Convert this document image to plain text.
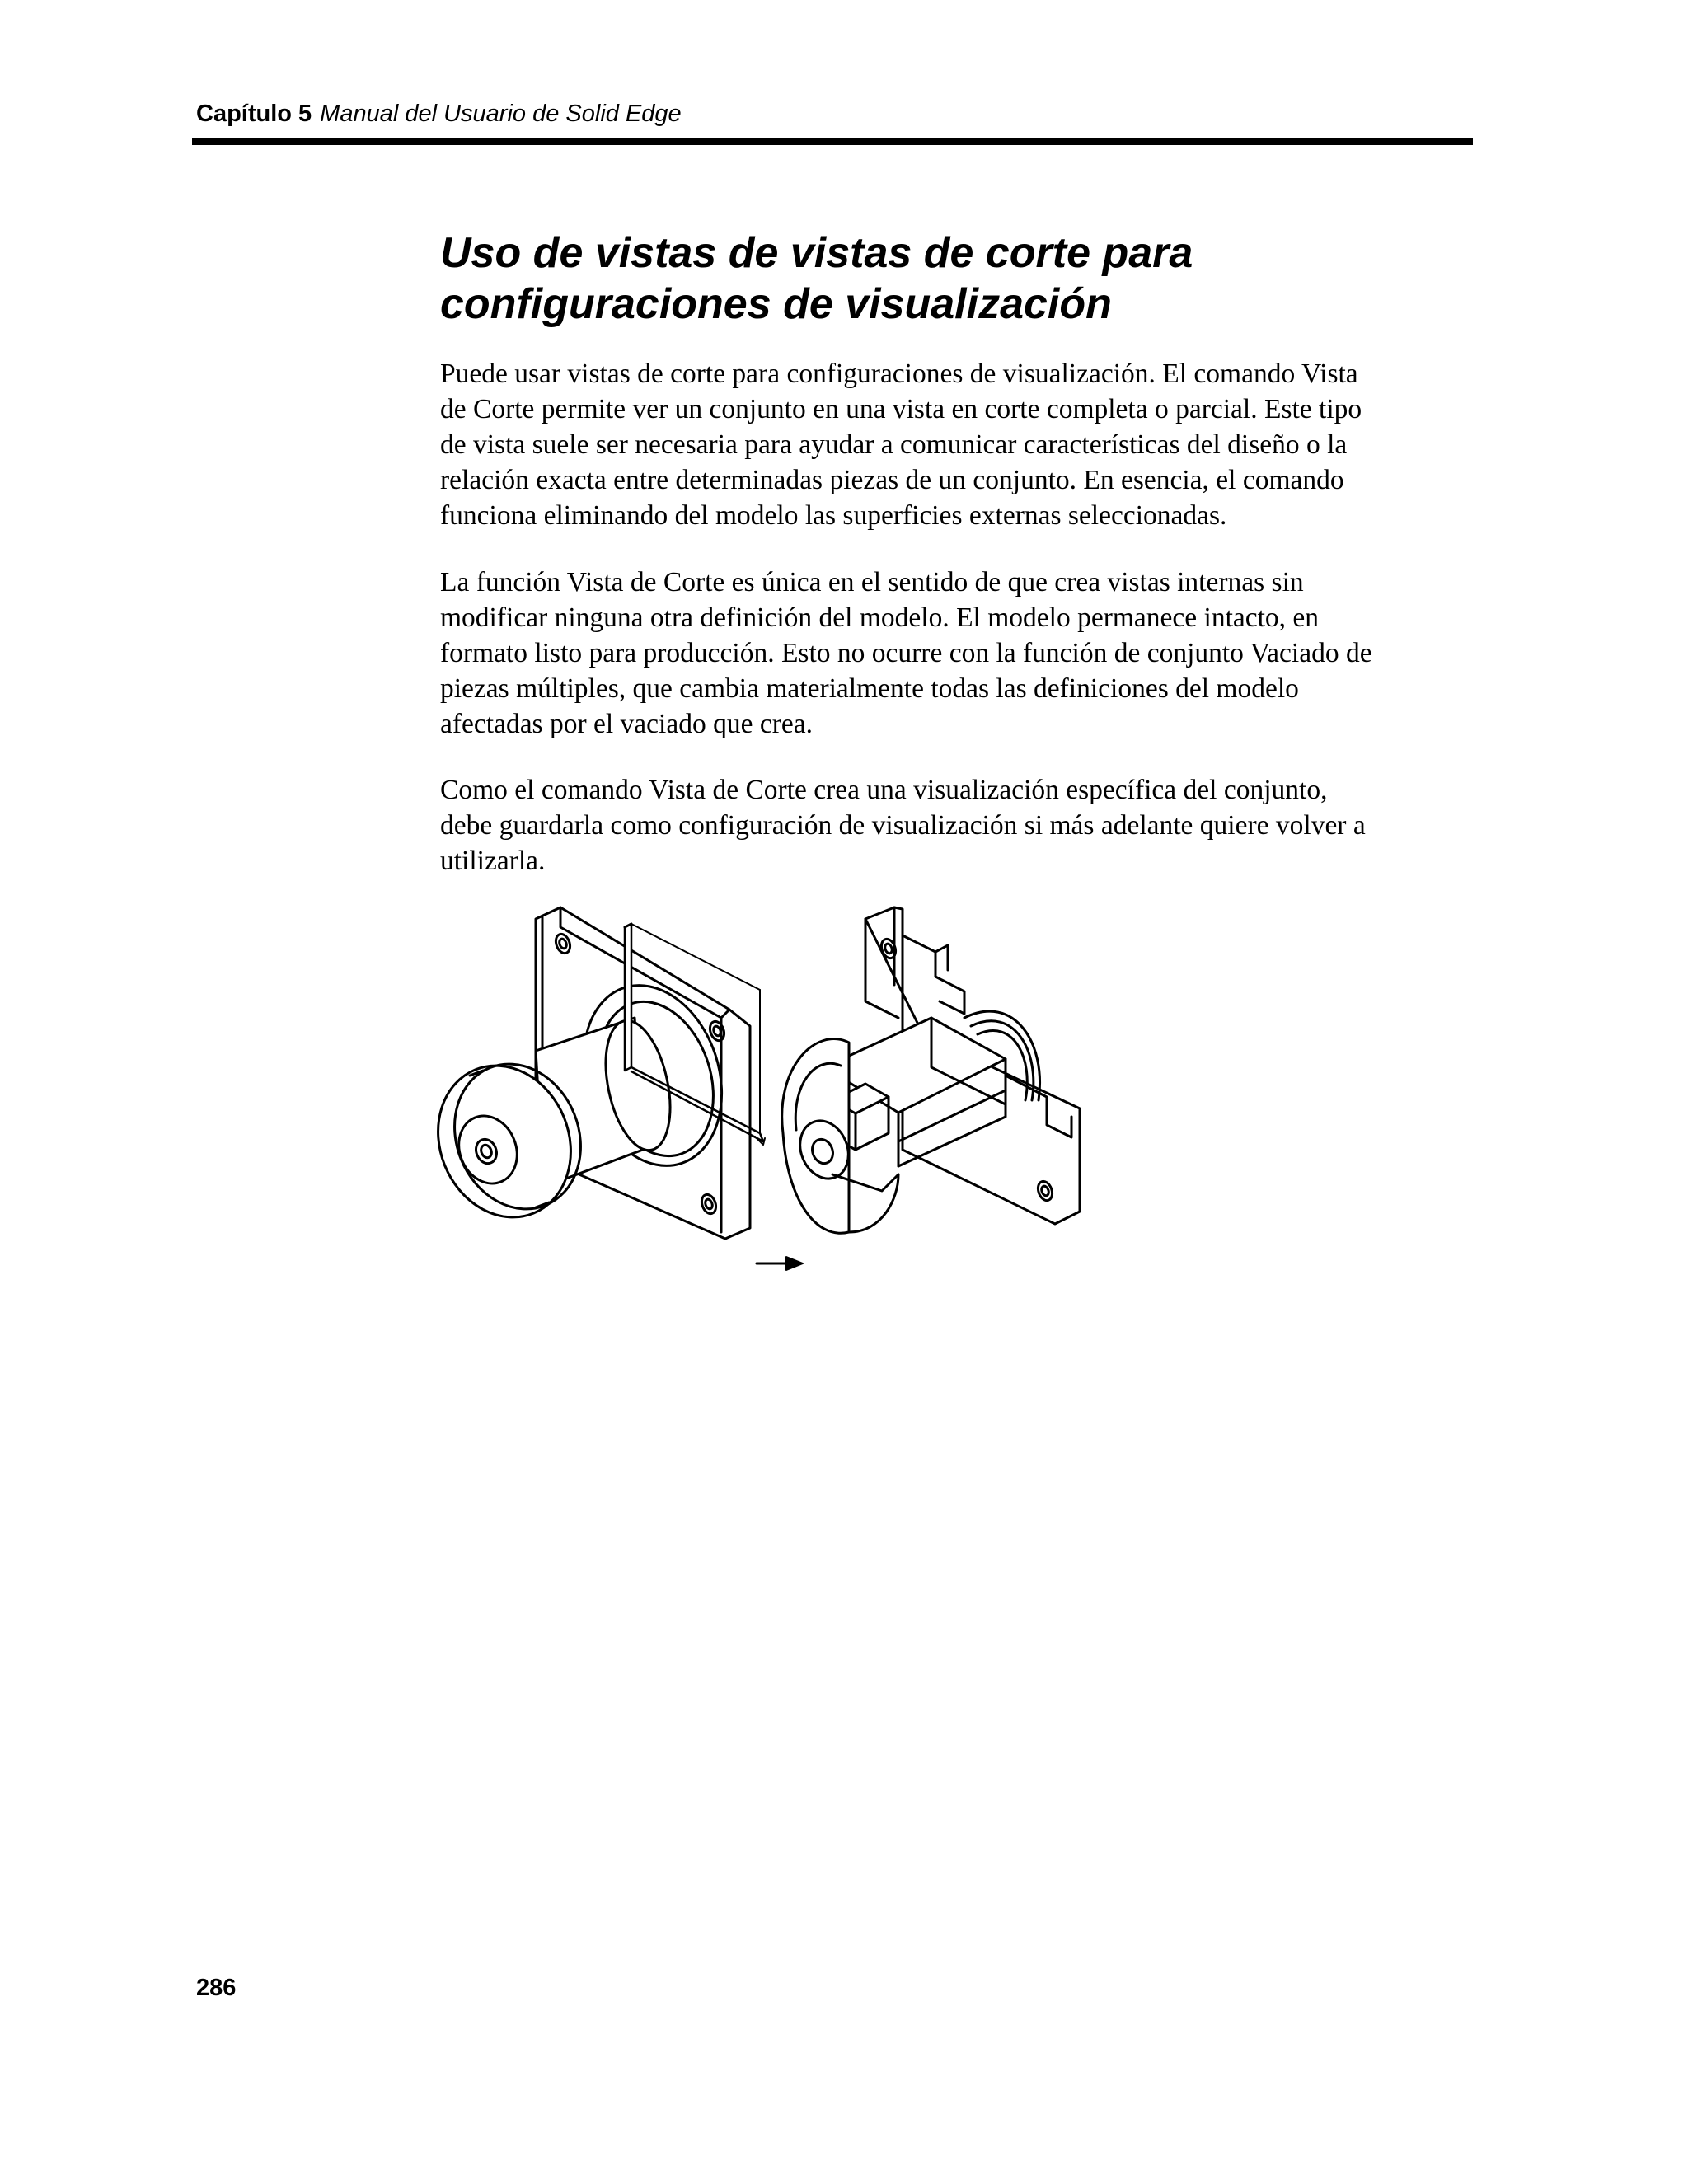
Capítulo 5 Manual del Usuario de Solid Edge
Uso de vistas de vistas de corte para
configuraciones de visualización

Puede usar vistas de corte para configuraciones de visualización. El comando Vista
de Corte permite ver un conjunto en una vista en corte completa o parcial. Este tipo
de vista suele ser necesaria para ayudar a comunicar características del diseño o la
relación exacta entre determinadas piezas de un conjunto. En esencia, el comando
funciona eliminando del modelo las superficies externas seleccionadas.

La función Vista de Corte es única en el sentido de que crea vistas internas sin
modificar ninguna otra definición del modelo. El modelo permanece intacto, en
formato listo para producción. Esto no ocurre con la función de conjunto Vaciado de
piezas múltiples, que cambia materialmente todas las definiciones del modelo
afectadas por el vaciado que crea.

Como el comando Vista de Corte crea una visualización específica del conjunto,
debe guardarla como configuración de visualización si más adelante quiere volver a
utilizarla.

286
